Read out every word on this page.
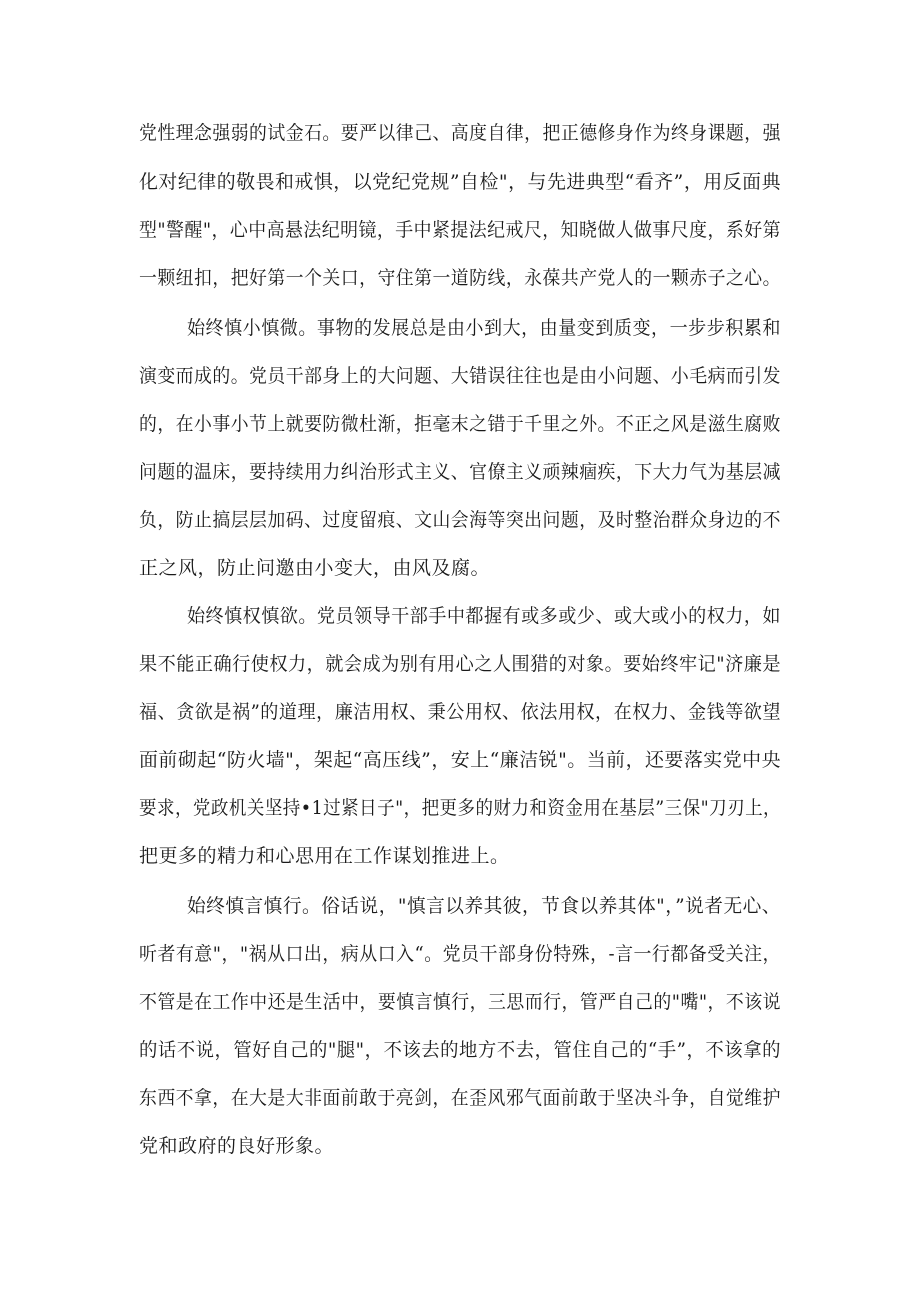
党性理念强弱的试金石。要严以律己、高度自律，把正德修身作为终身课题，强

化对纪律的敬畏和戒惧，以党纪党规”自检"，与先进典型“看齐”，用反面典

型"警醒"，心中高悬法纪明镜，手中紧提法纪戒尺，知晓做人做事尺度，系好第

一颗纽扣，把好第一个关口，守住第一道防线，永葆共产党人的一颗赤子之心。

始终慎小慎微。事物的发展总是由小到大，由量变到质变，一步步积累和

演变而成的。党员干部身上的大问题、大错误往往也是由小问题、小毛病而引发

的，在小事小节上就要防微杜渐，拒毫末之错于千里之外。不正之风是滋生腐败

问题的温床，要持续用力纠治形式主义、官僚主义顽辣痼疾，下大力气为基层减

负，防止搞层层加码、过度留痕、文山会海等突出问题，及时整治群众身边的不

正之风，防止问邀由小变大，由风及腐。

始终慎权慎欲。党员领导干部手中都握有或多或少、或大或小的权力，如

果不能正确行使权力，就会成为别有用心之人围猎的对象。要始终牢记"济廉是

福、贪欲是祸”的道理，廉洁用权、秉公用权、依法用权，在权力、金钱等欲望

面前砌起“防火墙"，架起“高压线”，安上“廉洁锐"。当前，还要落实党中央

要求，党政机关坚持•1过紧日子"，把更多的财力和资金用在基层”三保"刀刃上，

把更多的精力和心思用在工作谋划推进上。

始终慎言慎行。俗话说，"慎言以养其彼，节食以养其体"，”说者无心、

听者有意"，"祸从口出，病从口入“。党员干部身份特殊，-言一行都备受关注，

不管是在工作中还是生活中，要慎言慎行，三思而行，管严自己的"嘴"，不该说

的话不说，管好自己的"腿"，不该去的地方不去，管住自己的“手”，不该拿的

东西不拿，在大是大非面前敢于亮剑，在歪风邪气面前敢于坚决斗争，自觉维护

党和政府的良好形象。
